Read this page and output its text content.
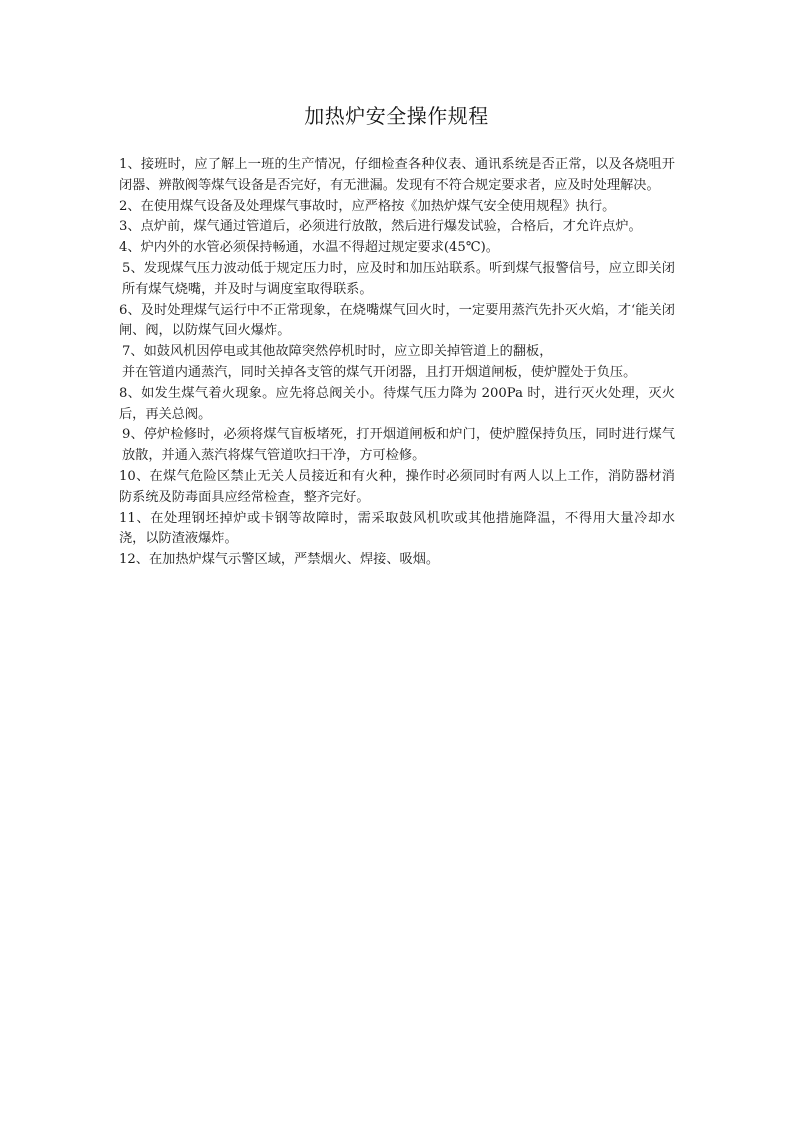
加热炉安全操作规程

1、接班时，应了解上一班的生产情况，仔细检查各种仪表、通讯系统是否正常，以及各烧咀开闭器、辨散阀等煤气设备是否完好，有无泄漏。发现有不符合规定要求者，应及时处理解决。

2、在使用煤气设备及处理煤气事故时，应严格按《加热炉煤气安全使用规程》执行。

3、点炉前，煤气通过管道后，必须进行放散，然后进行爆发试验，合格后，才允许点炉。

4、炉内外的水管必须保持畅通，水温不得超过规定要求(45℃)。

5、发现煤气压力波动低于规定压力时，应及时和加压站联系。听到煤气报警信号，应立即关闭所有煤气烧嘴，并及时与调度室取得联系。

6、及时处理煤气运行中不正常现象，在烧嘴煤气回火时，一定要用蒸汽先扑灭火焰，才‘能关闭闸、阀，以防煤气回火爆炸。

7、如鼓风机因停电或其他故障突然停机时时，应立即关掉管道上的翻板，

并在管道内通蒸汽，同时关掉各支管的煤气开闭器，且打开烟道闸板，使炉膛处于负压。

8、如发生煤气着火现象。应先将总阀关小。待煤气压力降为 200Pa 时，进行灭火处理，灭火后，再关总阀。

9、停炉检修时，必须将煤气盲板堵死，打开烟道闸板和炉门，使炉膛保持负压，同时进行煤气放散，并通入蒸汽将煤气管道吹扫干净，方可检修。

10、在煤气危险区禁止无关人员接近和有火种，操作时必须同时有两人以上工作，消防器材消防系统及防毒面具应经常检查，整齐完好。

11、在处理钢坯掉炉或卡钢等故障时，需采取鼓风机吹或其他措施降温，不得用大量冷却水浇，以防渣液爆炸。

12、在加热炉煤气示警区域，严禁烟火、焊接、吸烟。
